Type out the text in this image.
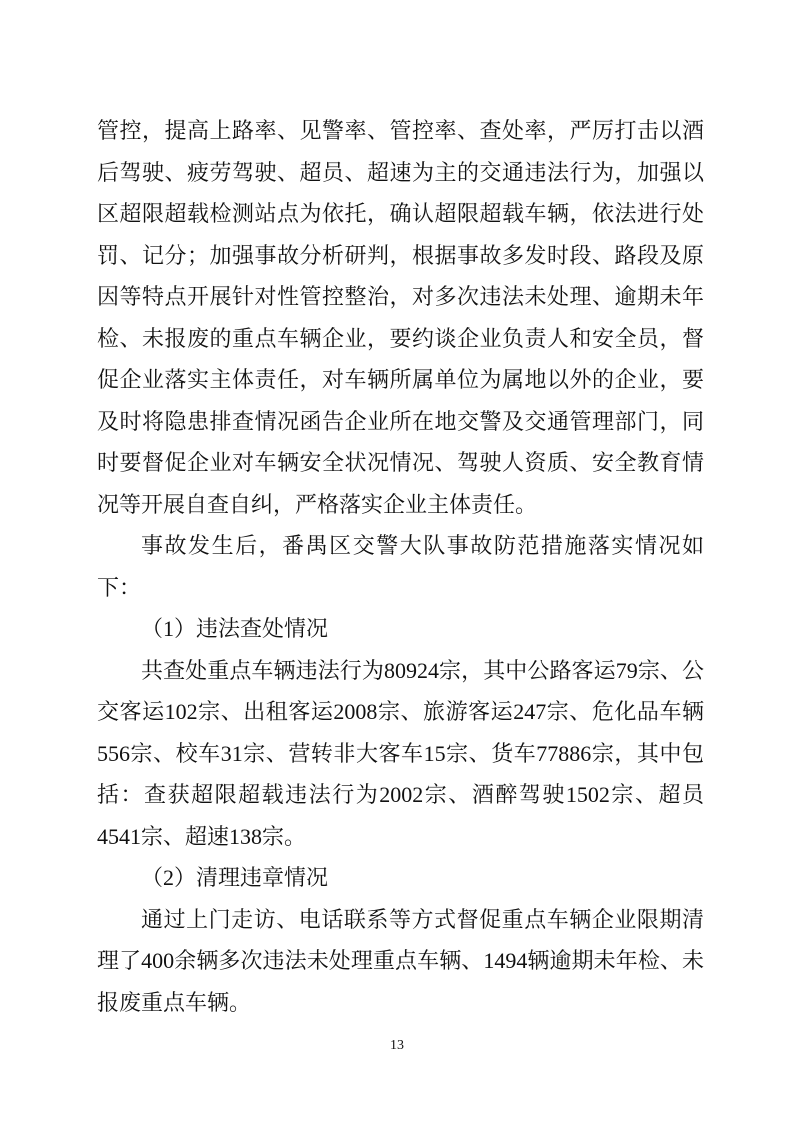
管控，提高上路率、见警率、管控率、查处率，严厉打击以酒

后驾驶、疲劳驾驶、超员、超速为主的交通违法行为，加强以

区超限超载检测站点为依托，确认超限超载车辆，依法进行处

罚、记分；加强事故分析研判，根据事故多发时段、路段及原

因等特点开展针对性管控整治，对多次违法未处理、逾期未年

检、未报废的重点车辆企业，要约谈企业负责人和安全员，督

促企业落实主体责任，对车辆所属单位为属地以外的企业，要

及时将隐患排查情况函告企业所在地交警及交通管理部门，同

时要督促企业对车辆安全状况情况、驾驶人资质、安全教育情

况等开展自查自纠，严格落实企业主体责任。

事故发生后，番禺区交警大队事故防范措施落实情况如

下：

（1）违法查处情况

共查处重点车辆违法行为80924宗，其中公路客运79宗、公

交客运102宗、出租客运2008宗、旅游客运247宗、危化品车辆

556宗、校车31宗、营转非大客车15宗、货车77886宗，其中包

括：查获超限超载违法行为2002宗、酒醉驾驶1502宗、超员

4541宗、超速138宗。

（2）清理违章情况

通过上门走访、电话联系等方式督促重点车辆企业限期清

理了400余辆多次违法未处理重点车辆、1494辆逾期未年检、未

报废重点车辆。

13
